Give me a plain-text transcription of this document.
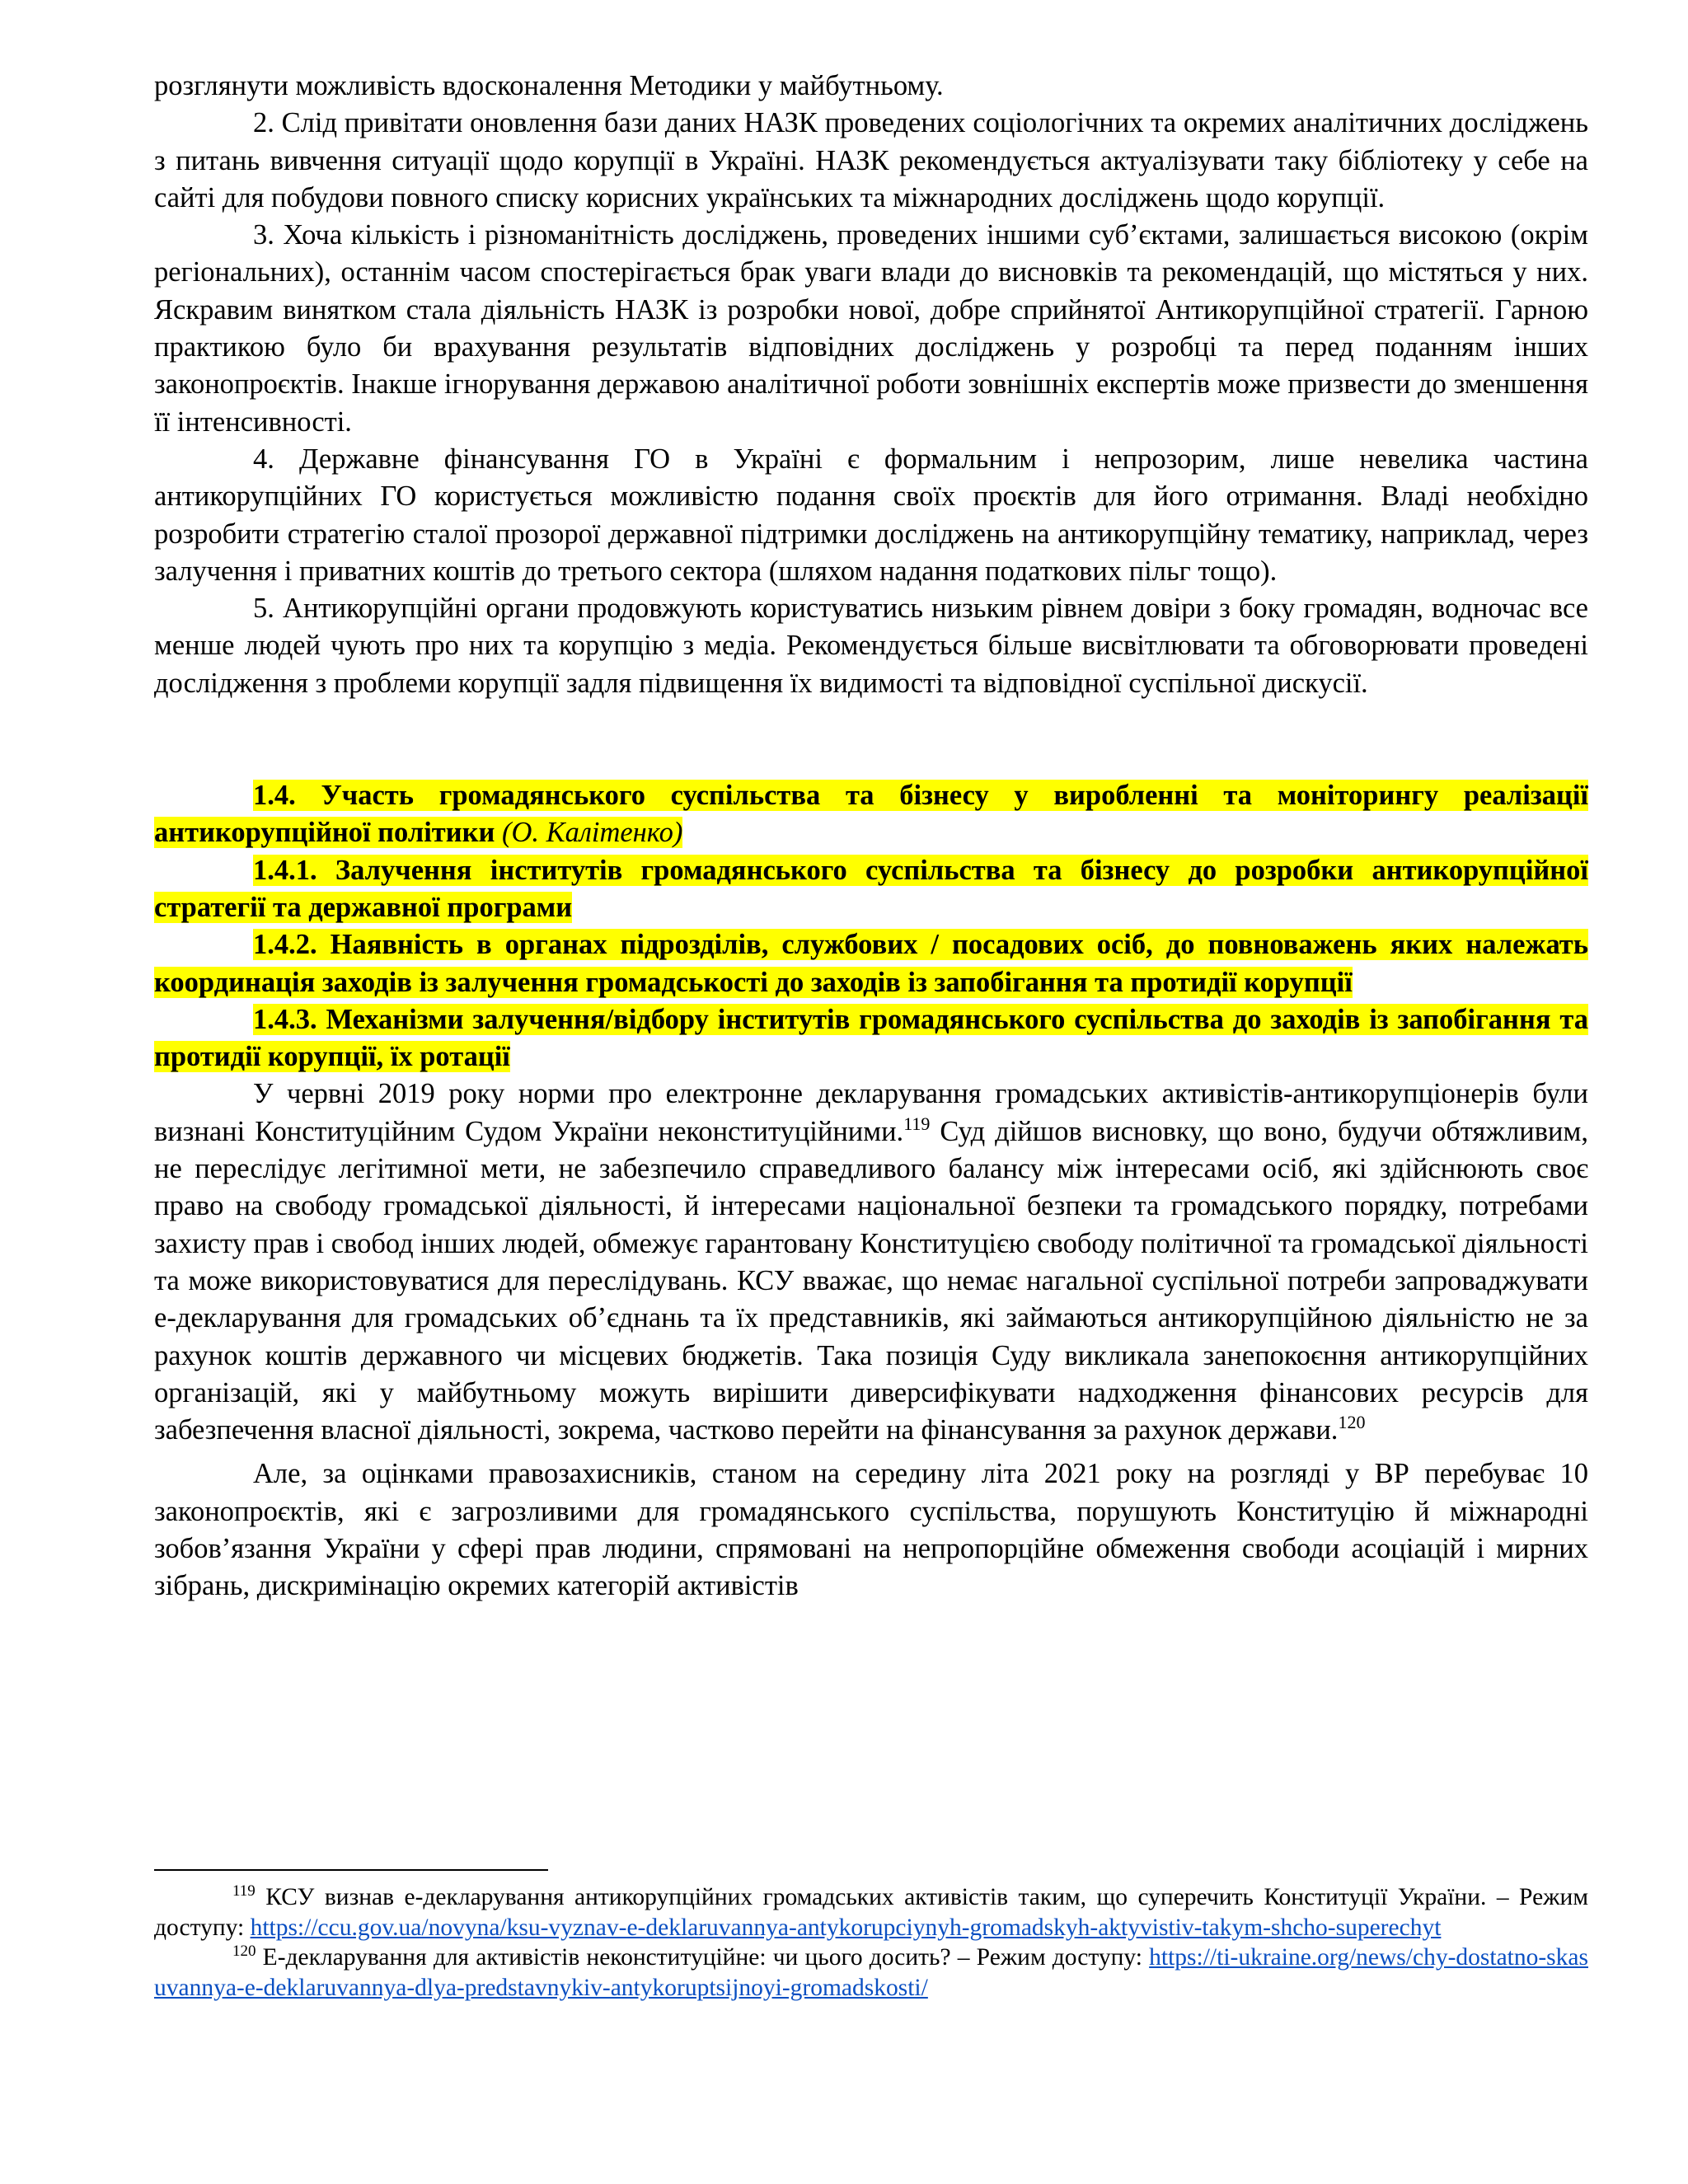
розглянути можливість вдосконалення Методики у майбутньому.

2. Слід привітати оновлення бази даних НАЗК проведених соціологічних та окремих аналітичних досліджень з питань вивчення ситуації щодо корупції в Україні. НАЗК рекомендується актуалізувати таку бібліотеку у себе на сайті для побудови повного списку корисних українських та міжнародних досліджень щодо корупції.

3. Хоча кількість і різноманітність досліджень, проведених іншими суб’єктами, залишається високою (окрім регіональних), останнім часом спостерігається брак уваги влади до висновків та рекомендацій, що містяться у них. Яскравим винятком стала діяльність НАЗК із розробки нової, добре сприйнятої Антикорупційної стратегії. Гарною практикою було би врахування результатів відповідних досліджень у розробці та перед поданням інших законопроєктів. Інакше ігнорування державою аналітичної роботи зовнішніх експертів може призвести до зменшення її інтенсивності.

4. Державне фінансування ГО в Україні є формальним і непрозорим, лише невелика частина антикорупційних ГО користується можливістю подання своїх проєктів для його отримання. Владі необхідно розробити стратегію сталої прозорої державної підтримки досліджень на антикорупційну тематику, наприклад, через залучення і приватних коштів до третього сектора (шляхом надання податкових пільг тощо).

5. Антикорупційні органи продовжують користуватись низьким рівнем довіри з боку громадян, водночас все менше людей чують про них та корупцію з медіа. Рекомендується більше висвітлювати та обговорювати проведені дослідження з проблеми корупції задля підвищення їх видимості та відповідної суспільної дискусії.

1.4. Участь громадянського суспільства та бізнесу у виробленні та моніторингу реалізації антикорупційної політики (О. Калітенко)

1.4.1. Залучення інститутів громадянського суспільства та бізнесу до розробки антикорупційної стратегії та державної програми

1.4.2. Наявність в органах підрозділів, службових / посадових осіб, до повноважень яких належать координація заходів із залучення громадськості до заходів із запобігання та протидії корупції

1.4.3. Механізми залучення/відбору інститутів громадянського суспільства до заходів із запобігання та протидії корупції, їх ротації

У червні 2019 року норми про електронне декларування громадських активістів-антикорупціонерів були визнані Конституційним Судом України неконституційними.$^{119}$ Суд дійшов висновку, що воно, будучи обтяжливим, не переслідує легітимної мети, не забезпечило справедливого балансу між інтересами осіб, які здійснюють своє право на свободу громадської діяльності, й інтересами національної безпеки та громадського порядку, потребами захисту прав і свобод інших людей, обмежує гарантовану Конституцією свободу політичної та громадської діяльності та може використовуватися для переслідувань. КСУ вважає, що немає нагальної суспільної потреби запроваджувати е-декларування для громадських об’єднань та їх представників, які займаються антикорупційною діяльністю не за рахунок коштів державного чи місцевих бюджетів. Така позиція Суду викликала занепокоєння антикорупційних організацій, які у майбутньому можуть вирішити диверсифікувати надходження фінансових ресурсів для забезпечення власної діяльності, зокрема, частково перейти на фінансування за рахунок держави.$^{120}$

Але, за оцінками правозахисників, станом на середину літа 2021 року на розгляді у ВР перебуває 10 законопроєктів, які є загрозливими для громадянського суспільства, порушують Конституцію й міжнародні зобов’язання України у сфері прав людини, спрямовані на непропорційне обмеження свободи асоціацій і мирних зібрань, дискримінацію окремих категорій активістів

$^{119}$ КСУ визнав е-декларування антикорупційних громадських активістів таким, що суперечить Конституції України. – Режим доступу: https://ccu.gov.ua/novyna/ksu-vyznav-e-deklaruvannya-antykorupciynyh-gromadskyh-aktyvistiv-takym-shcho-superechyt

$^{120}$ Е-декларування для активістів неконституційне: чи цього досить? – Режим доступу: https://ti-ukraine.org/news/chy-dostatno-skasuvannya-e-deklaruvannya-dlya-predstavnykiv-antykoruptsijnoyi-gromadskosti/
